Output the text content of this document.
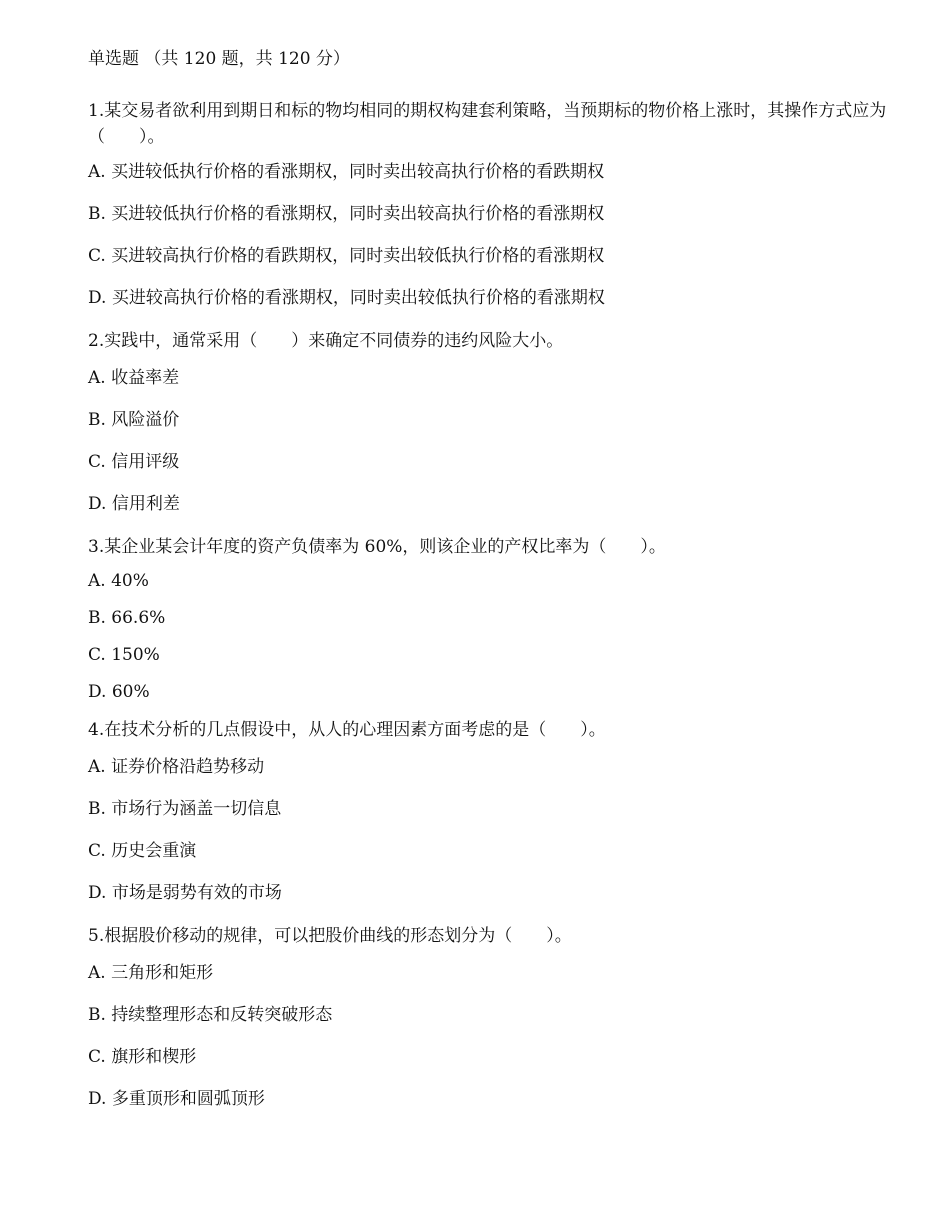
单选题 （共 120 题，共 120 分）
1.某交易者欲利用到期日和标的物均相同的期权构建套利策略，当预期标的物价格上涨时，其操作方式应为（　　）。
A. 买进较低执行价格的看涨期权，同时卖出较高执行价格的看跌期权
B. 买进较低执行价格的看涨期权，同时卖出较高执行价格的看涨期权
C. 买进较高执行价格的看跌期权，同时卖出较低执行价格的看涨期权
D. 买进较高执行价格的看涨期权，同时卖出较低执行价格的看涨期权
2.实践中，通常采用（　　）来确定不同债券的违约风险大小。
A. 收益率差
B. 风险溢价
C. 信用评级
D. 信用利差
3.某企业某会计年度的资产负债率为 60%，则该企业的产权比率为（　　）。
A. 40%
B. 66.6%
C. 150%
D. 60%
4.在技术分析的几点假设中，从人的心理因素方面考虑的是（　　）。
A. 证券价格沿趋势移动
B. 市场行为涵盖一切信息
C. 历史会重演
D. 市场是弱势有效的市场
5.根据股价移动的规律，可以把股价曲线的形态划分为（　　）。
A. 三角形和矩形
B. 持续整理形态和反转突破形态
C. 旗形和楔形
D. 多重顶形和圆弧顶形
